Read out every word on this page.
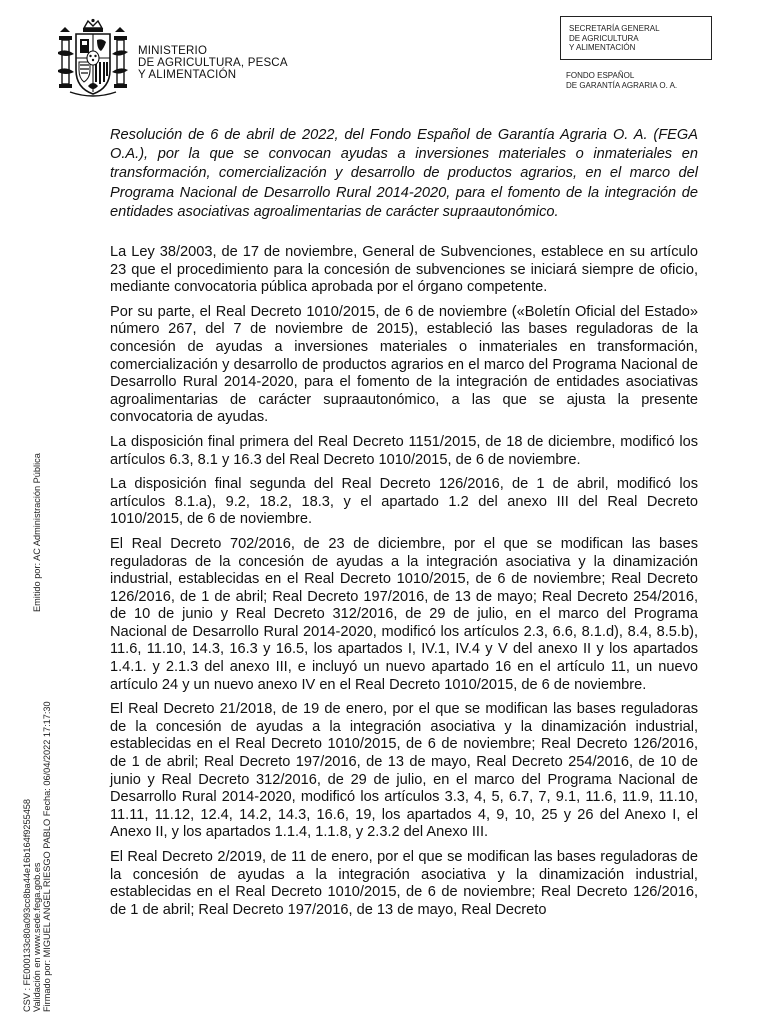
MINISTERIO
DE AGRICULTURA, PESCA
Y ALIMENTACIÓN
SECRETARÍA GENERAL
DE AGRICULTURA
Y ALIMENTACIÓN
FONDO ESPAÑOL
DE GARANTÍA AGRARIA O. A.
Resolución de 6 de abril de 2022, del Fondo Español de Garantía Agraria O. A. (FEGA O.A.), por la que se convocan ayudas a inversiones materiales o inmateriales en transformación, comercialización y desarrollo de productos agrarios, en el marco del Programa Nacional de Desarrollo Rural 2014-2020, para el fomento de la integración de entidades asociativas agroalimentarias de carácter supraautonómico.

La Ley 38/2003, de 17 de noviembre, General de Subvenciones, establece en su artículo 23 que el procedimiento para la concesión de subvenciones se iniciará siempre de oficio, mediante convocatoria pública aprobada por el órgano competente.

Por su parte, el Real Decreto 1010/2015, de 6 de noviembre («Boletín Oficial del Estado» número 267, del 7 de noviembre de 2015), estableció las bases reguladoras de la concesión de ayudas a inversiones materiales o inmateriales en transformación, comercialización y desarrollo de productos agrarios en el marco del Programa Nacional de Desarrollo Rural 2014-2020, para el fomento de la integración de entidades asociativas agroalimentarias de carácter supraautonómico, a las que se ajusta la presente convocatoria de ayudas.

La disposición final primera del Real Decreto 1151/2015, de 18 de diciembre, modificó los artículos 6.3, 8.1 y 16.3 del Real Decreto 1010/2015, de 6 de noviembre.

La disposición final segunda del Real Decreto 126/2016, de 1 de abril, modificó los artículos 8.1.a), 9.2, 18.2, 18.3, y el apartado 1.2 del anexo III del Real Decreto 1010/2015, de 6 de noviembre.

El Real Decreto 702/2016, de 23 de diciembre, por el que se modifican las bases reguladoras de la concesión de ayudas a la integración asociativa y la dinamización industrial, establecidas en el Real Decreto 1010/2015, de 6 de noviembre; Real Decreto 126/2016, de 1 de abril; Real Decreto 197/2016, de 13 de mayo; Real Decreto 254/2016, de 10 de junio y Real Decreto 312/2016, de 29 de julio, en el marco del Programa Nacional de Desarrollo Rural 2014-2020, modificó los artículos 2.3, 6.6, 8.1.d), 8.4, 8.5.b), 11.6, 11.10, 14.3, 16.3 y 16.5, los apartados I, IV.1, IV.4 y V del anexo II y los apartados 1.4.1. y 2.1.3 del anexo III, e incluyó un nuevo apartado 16 en el artículo 11, un nuevo artículo 24 y un nuevo anexo IV en el Real Decreto 1010/2015, de 6 de noviembre.

El Real Decreto 21/2018, de 19 de enero, por el que se modifican las bases reguladoras de la concesión de ayudas a la integración asociativa y la dinamización industrial, establecidas en el Real Decreto 1010/2015, de 6 de noviembre; Real Decreto 126/2016, de 1 de abril; Real Decreto 197/2016, de 13 de mayo, Real Decreto 254/2016, de 10 de junio y Real Decreto 312/2016, de 29 de julio, en el marco del Programa Nacional de Desarrollo Rural 2014-2020, modificó los artículos 3.3, 4, 5, 6.7, 7, 9.1, 11.6, 11.9, 11.10, 11.11, 11.12, 12.4, 14.2, 14.3, 16.6, 19, los apartados 4, 9, 10, 25 y 26 del Anexo I, el Anexo II, y los apartados 1.1.4, 1.1.8, y 2.3.2 del Anexo III.

El Real Decreto 2/2019, de 11 de enero, por el que se modifican las bases reguladoras de la concesión de ayudas a la integración asociativa y la dinamización industrial, establecidas en el Real Decreto 1010/2015, de 6 de noviembre; Real Decreto 126/2016, de 1 de abril; Real Decreto 197/2016, de 13 de mayo, Real Decreto

Emitido por: AC Administración Pública
CSV : FE000133c80a093cc8ba44e16b164f9255458 Validación en www.sede.fega.gob.es Firmado por: MIGUEL ANGEL RIESGO PABLO Fecha: 06/04/2022 17:17:30
